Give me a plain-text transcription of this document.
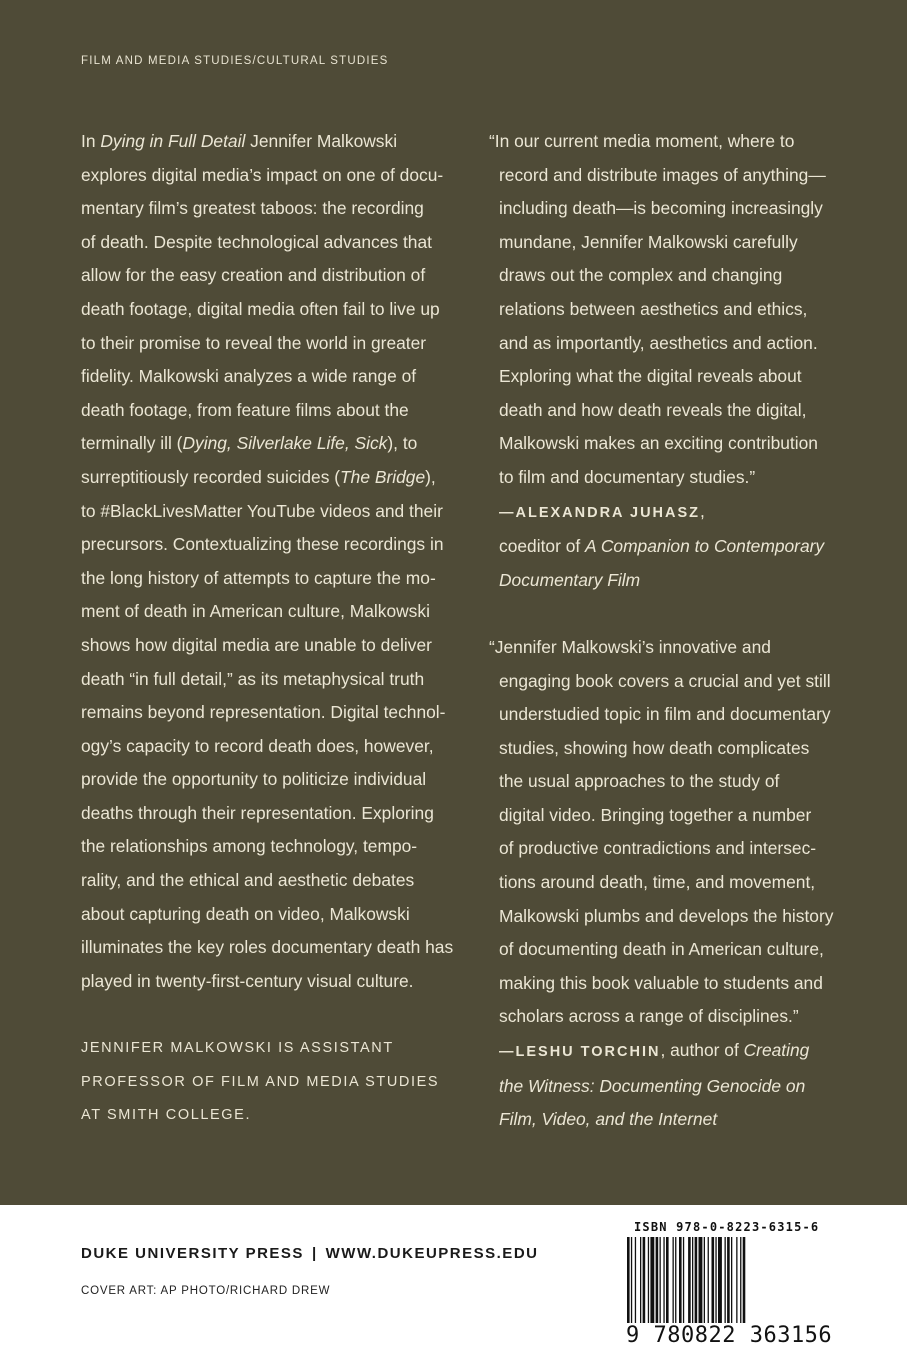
FILM AND MEDIA STUDIES/CULTURAL STUDIES
In Dying in Full Detail Jennifer Malkowski
explores digital media’s impact on one of docu-
mentary film’s greatest taboos: the recording
of death. Despite technological advances that
allow for the easy creation and distribution of
death footage, digital media often fail to live up
to their promise to reveal the world in greater
fidelity. Malkowski analyzes a wide range of
death footage, from feature films about the
terminally ill (Dying, Silverlake Life, Sick), to
surreptitiously recorded suicides (The Bridge),
to #BlackLivesMatter YouTube videos and their
precursors. Contextualizing these recordings in
the long history of attempts to capture the mo-
ment of death in American culture, Malkowski
shows how digital media are unable to deliver
death “in full detail,” as its metaphysical truth
remains beyond representation. Digital technol-
ogy’s capacity to record death does, however,
provide the opportunity to politicize individual
deaths through their representation. Exploring
the relationships among technology, tempo-
rality, and the ethical and aesthetic debates
about capturing death on video, Malkowski
illuminates the key roles documentary death has
played in twenty-first-century visual culture.
JENNIFER MALKOWSKI IS ASSISTANT
PROFESSOR OF FILM AND MEDIA STUDIES
AT SMITH COLLEGE.
“In our current media moment, where to
record and distribute images of anything—
including death—is becoming increasingly
mundane, Jennifer Malkowski carefully
draws out the complex and changing
relations between aesthetics and ethics,
and as importantly, aesthetics and action.
Exploring what the digital reveals about
death and how death reveals the digital,
Malkowski makes an exciting contribution
to film and documentary studies.”
—ALEXANDRA JUHASZ,
coeditor of A Companion to Contemporary
Documentary Film
“Jennifer Malkowski’s innovative and
engaging book covers a crucial and yet still
understudied topic in film and documentary
studies, showing how death complicates
the usual approaches to the study of
digital video. Bringing together a number
of productive contradictions and intersec-
tions around death, time, and movement,
Malkowski plumbs and develops the history
of documenting death in American culture,
making this book valuable to students and
scholars across a range of disciplines.”
—LESHU TORCHIN, author of Creating
the Witness: Documenting Genocide on
Film, Video, and the Internet
DUKE UNIVERSITY PRESS | WWW.DUKEUPRESS.EDU
COVER ART: AP PHOTO/RICHARD DREW
ISBN 978-0-8223-6315-6
9 780822 363156
